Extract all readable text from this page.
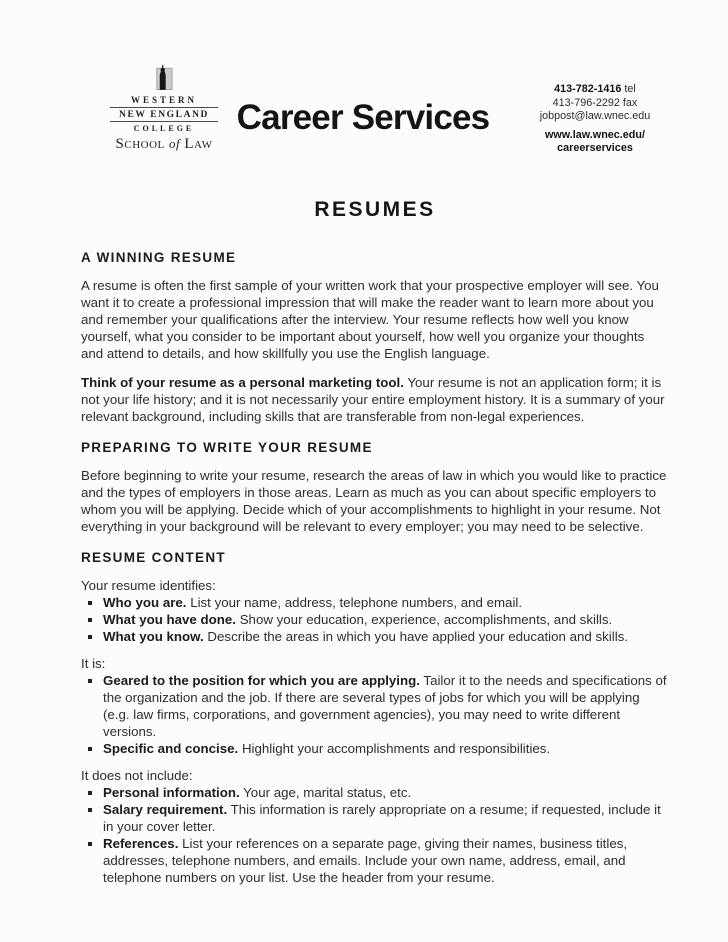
WESTERN
NEW ENGLAND
COLLEGE
School of Law
Career Services
413-782-1416 tel
413-796-2292 fax
jobpost@law.wnec.edu
www.law.wnec.edu/
careerservices
RESUMES
A WINNING RESUME

A resume is often the first sample of your written work that your prospective employer will see. You want it to create a professional impression that will make the reader want to learn more about you and remember your qualifications after the interview. Your resume reflects how well you know yourself, what you consider to be important about yourself, how well you organize your thoughts and attend to details, and how skillfully you use the English language.

Think of your resume as a personal marketing tool. Your resume is not an application form; it is not your life history; and it is not necessarily your entire employment history. It is a summary of your relevant background, including skills that are transferable from non-legal experiences.

PREPARING TO WRITE YOUR RESUME

Before beginning to write your resume, research the areas of law in which you would like to practice and the types of employers in those areas. Learn as much as you can about specific employers to whom you will be applying. Decide which of your accomplishments to highlight in your resume. Not everything in your background will be relevant to every employer; you may need to be selective.

RESUME CONTENT

Your resume identifies:

Who you are. List your name, address, telephone numbers, and email.
What you have done. Show your education, experience, accomplishments, and skills.
What you know. Describe the areas in which you have applied your education and skills.

It is:

Geared to the position for which you are applying. Tailor it to the needs and specifications of the organization and the job. If there are several types of jobs for which you will be applying (e.g. law firms, corporations, and government agencies), you may need to write different versions.
Specific and concise. Highlight your accomplishments and responsibilities.

It does not include:

Personal information. Your age, marital status, etc.
Salary requirement. This information is rarely appropriate on a resume; if requested, include it in your cover letter.
References. List your references on a separate page, giving their names, business titles, addresses, telephone numbers, and emails. Include your own name, address, email, and telephone numbers on your list. Use the header from your resume.
